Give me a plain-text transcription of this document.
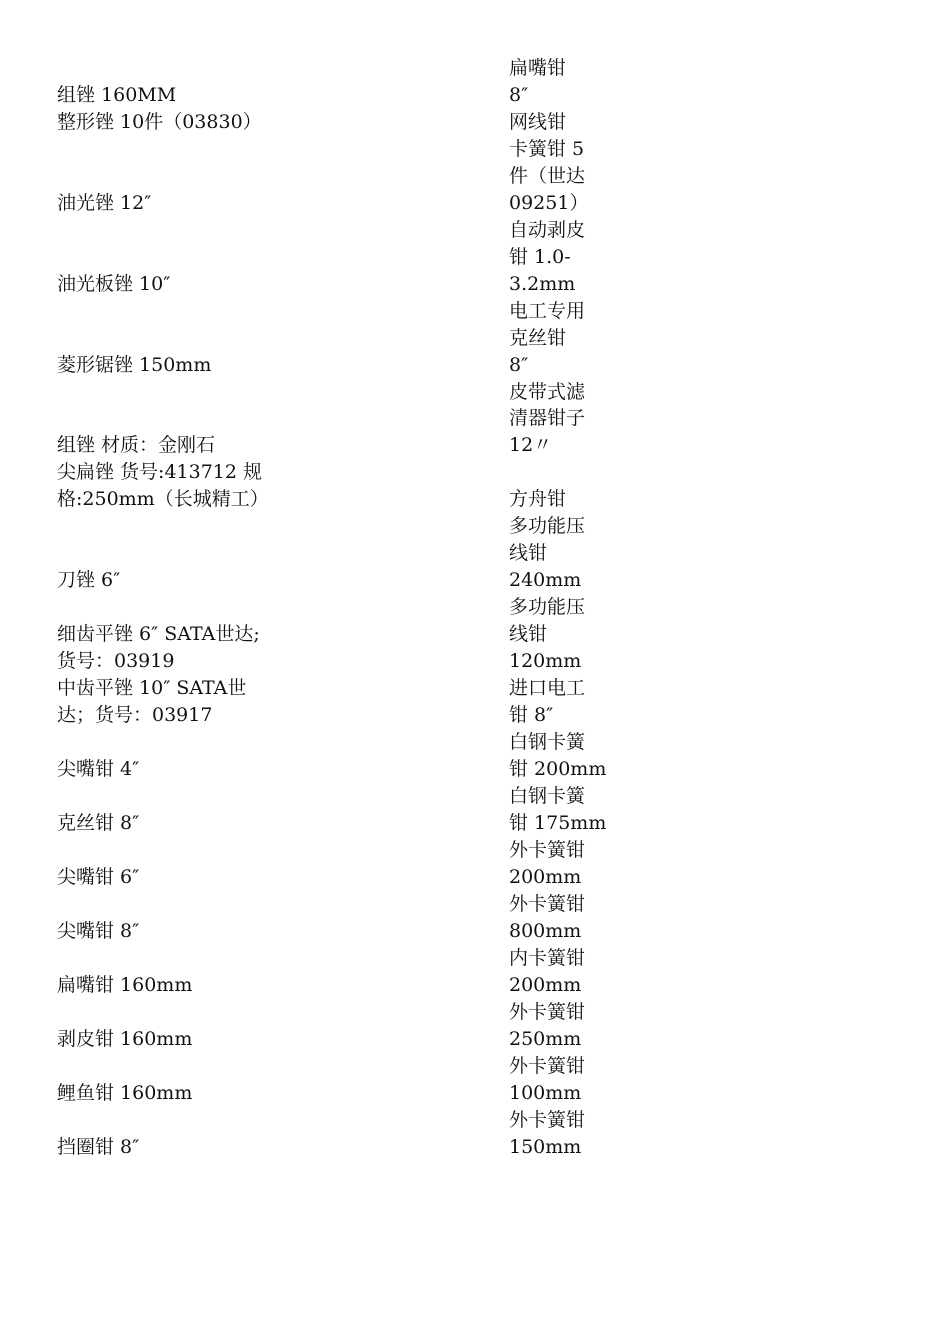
组锉 160MM
整形锉 10件（03830）
油光锉 12″
油光板锉 10″
菱形锯锉 150mm
组锉 材质：金刚石
尖扁锉 货号:413712 规
格:250mm（长城精工）
刀锉 6″
细齿平锉 6″ SATA世达;
货号：03919
中齿平锉 10″ SATA世
达；货号：03917
尖嘴钳 4″
克丝钳 8″
尖嘴钳 6″
尖嘴钳 8″
扁嘴钳 160mm
剥皮钳 160mm
鲤鱼钳 160mm
挡圈钳 8″
扁嘴钳
8″
网线钳
卡簧钳 5
件（世达
09251）
自动剥皮
钳 1.0-
3.2mm
电工专用
克丝钳
8″
皮带式滤
清器钳子
12〃
方舟钳
多功能压
线钳
240mm
多功能压
线钳
120mm
进口电工
钳 8″
白钢卡簧
钳 200mm
白钢卡簧
钳 175mm
外卡簧钳
200mm
外卡簧钳
800mm
内卡簧钳
200mm
外卡簧钳
250mm
外卡簧钳
100mm
外卡簧钳
150mm
